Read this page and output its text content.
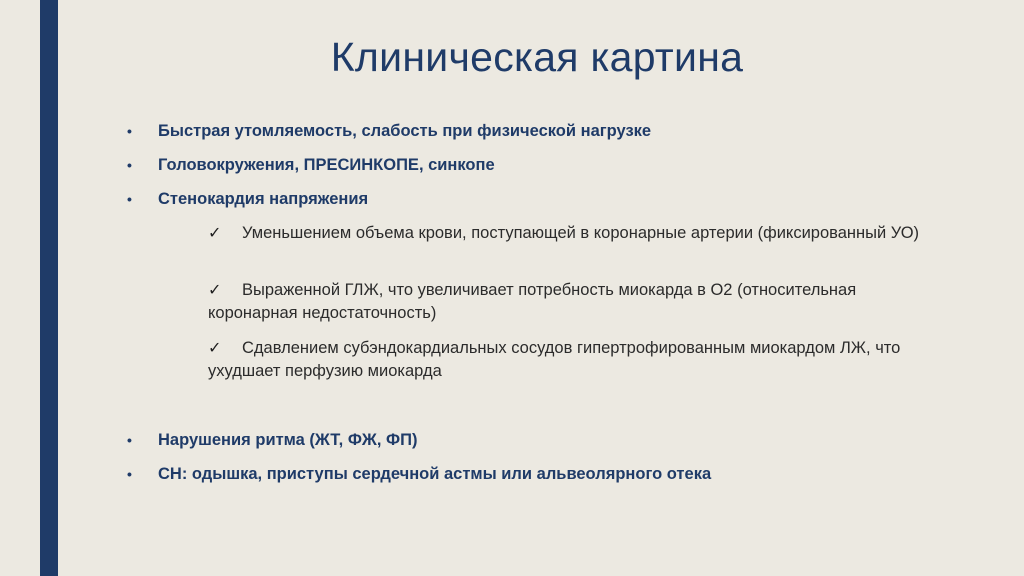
Клиническая картина
•	Быстрая утомляемость, слабость при физической нагрузке
•	Головокружения, ПРЕСИНКОПЕ, синкопе
•	Стенокардия напряжения
✓ Уменьшением объема крови, поступающей в коронарные артерии (фиксированный УО)
✓ Выраженной ГЛЖ, что увеличивает потребность миокарда в О2 (относительная коронарная недостаточность)
✓ Сдавлением субэндокардиальных сосудов гипертрофированным миокардом ЛЖ, что ухудшает перфузию миокарда
•	Нарушения ритма (ЖТ, ФЖ, ФП)
•	СН: одышка, приступы сердечной астмы или альвеолярного отека
